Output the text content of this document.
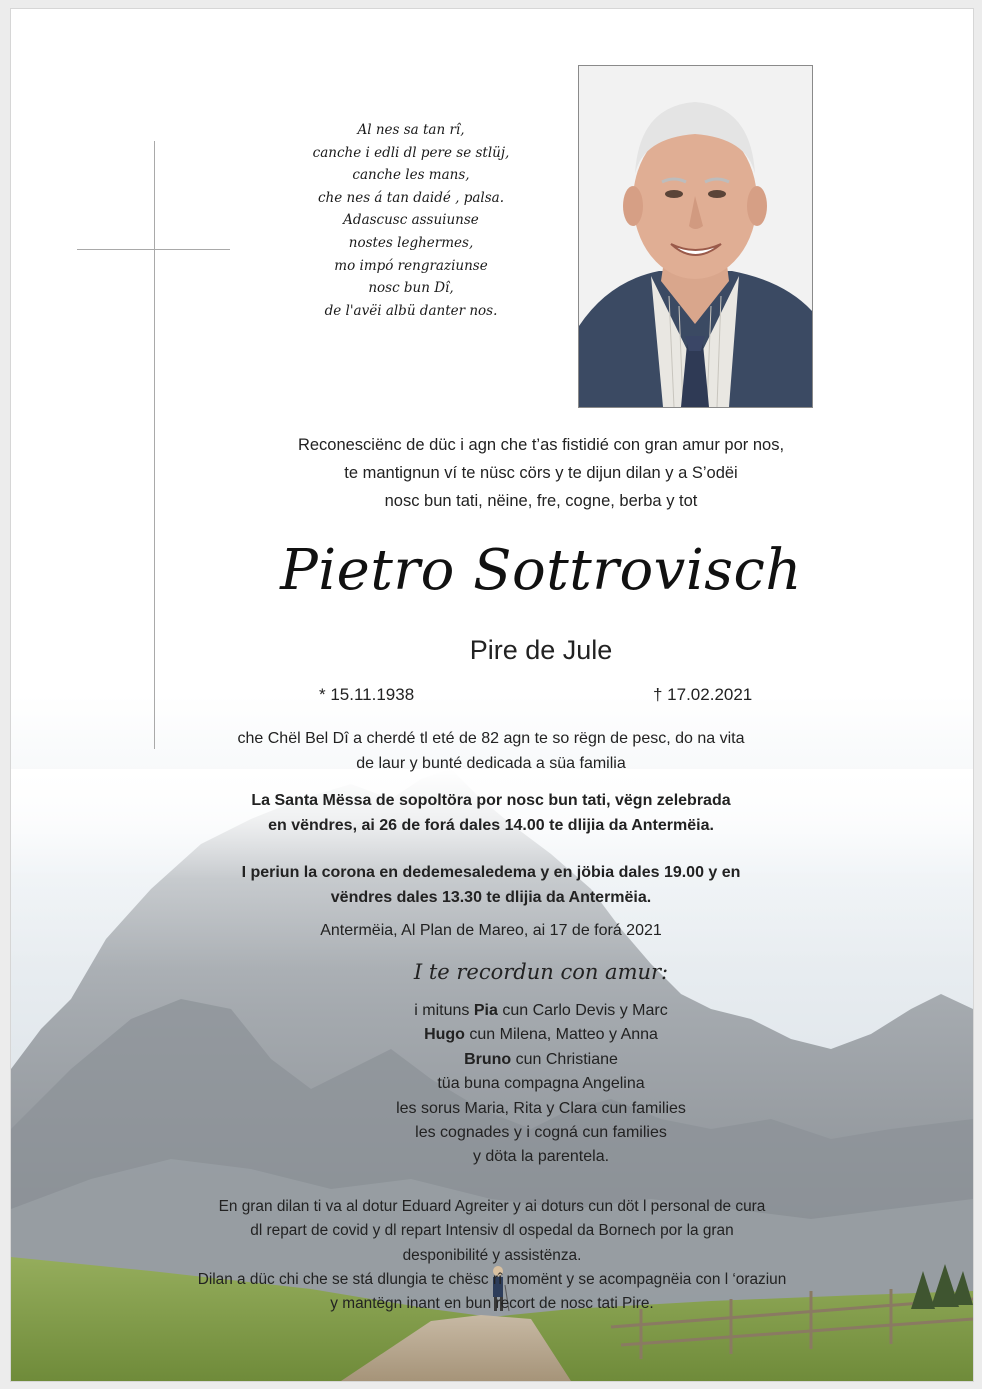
Al nes sa tan rî,
canche i edli dl pere se stlüj,
canche les mans,
che nes á tan daidé , palsa.
Adascusc assuiunse
nostes leghermes,
mo impó rengraziunse
nosc bun Dî,
de l'avëi albü danter nos.
Reconesciënc de düc i agn che t’as fistidié con gran amur por nos,
te mantignun ví te nüsc cörs y te dijun dilan y a S’odëi
nosc bun tati, nëine, fre, cogne, berba y tot
Pietro Sottrovisch
Pire de Jule
* 15.11.1938	† 17.02.2021
che Chël Bel Dî a cherdé tl eté de 82 agn te so rëgn de pesc, do na vita
de laur y bunté dedicada a süa familia
La Santa Mëssa de sopoltöra por nosc bun tati, vëgn zelebrada
en vëndres, ai 26 de forá dales 14.00 te dlijia da Antermëia.
I periun la corona en dedemesaledema y en jöbia dales 19.00 y en
vëndres dales 13.30 te dlijia da Antermëia.
Antermëia, Al Plan de Mareo, ai 17 de forá 2021
I te recordun con amur:
i mituns Pia cun Carlo Devis y Marc
Hugo cun Milena, Matteo y Anna
Bruno cun Christiane
tüa buna compagna Angelina
les sorus Maria, Rita y Clara cun families
les cognades y i cogná cun families
y döta la parentela.
En gran dilan ti va al dotur Eduard Agreiter y ai doturs cun döt l personal de cura
dl repart de covid y dl repart Intensiv dl ospedal da Bornech por la gran
desponibilité y assistënza.
Dilan a düc chi che se stá dlungia te chësc rî momënt y se acompagnëia con l ‘oraziun
y mantëgn inant en bun recort de nosc tati Pire.
